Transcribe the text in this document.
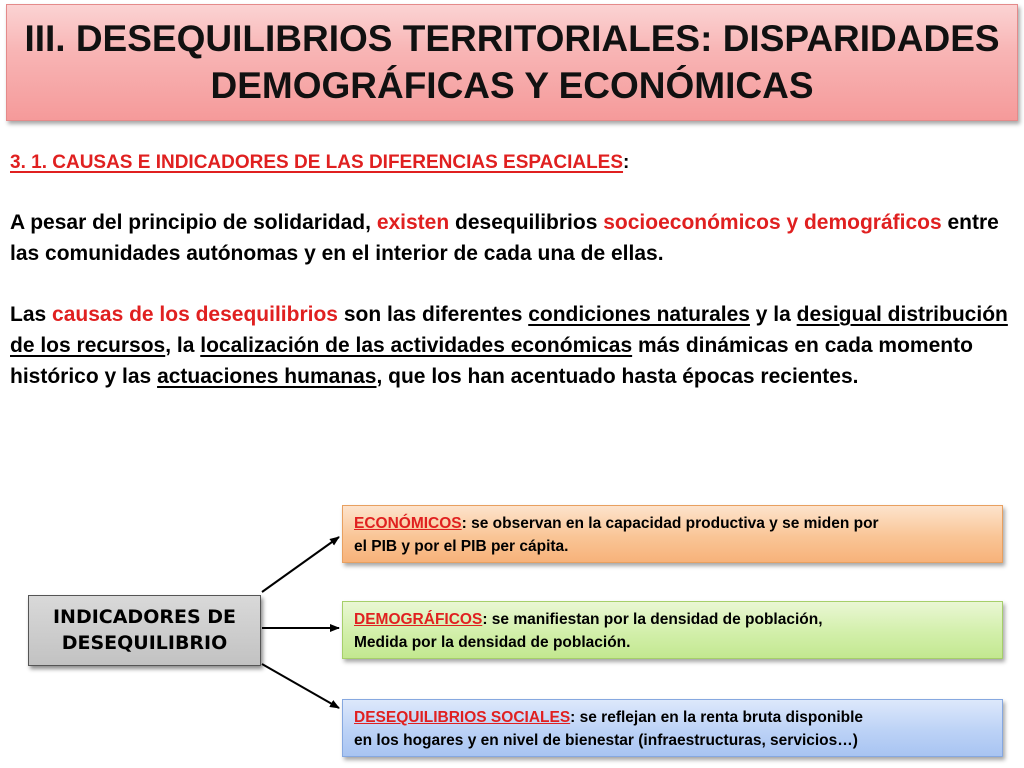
III. DESEQUILIBRIOS TERRITORIALES: DISPARIDADES
DEMOGRÁFICAS Y ECONÓMICAS
3. 1. CAUSAS E INDICADORES DE LAS DIFERENCIAS ESPACIALES:

A pesar del principio de solidaridad, existen desequilibrios socioeconómicos y demográficos entre las comunidades autónomas y en el interior de cada una de ellas.

Las causas de los desequilibrios son las diferentes condiciones naturales y la desigual distribución de los recursos, la localización de las actividades económicas más dinámicas en cada momento histórico y las actuaciones humanas, que los han acentuado hasta épocas recientes.

INDICADORES DE
DESEQUILIBRIO
ECONÓMICOS: se observan en la capacidad productiva y se miden por
el PIB y por el PIB per cápita.
DEMOGRÁFICOS: se manifiestan por la densidad de población,
Medida por la densidad de población.
DESEQUILIBRIOS SOCIALES: se reflejan en la renta bruta disponible
en los hogares y en nivel de bienestar (infraestructuras, servicios…)
